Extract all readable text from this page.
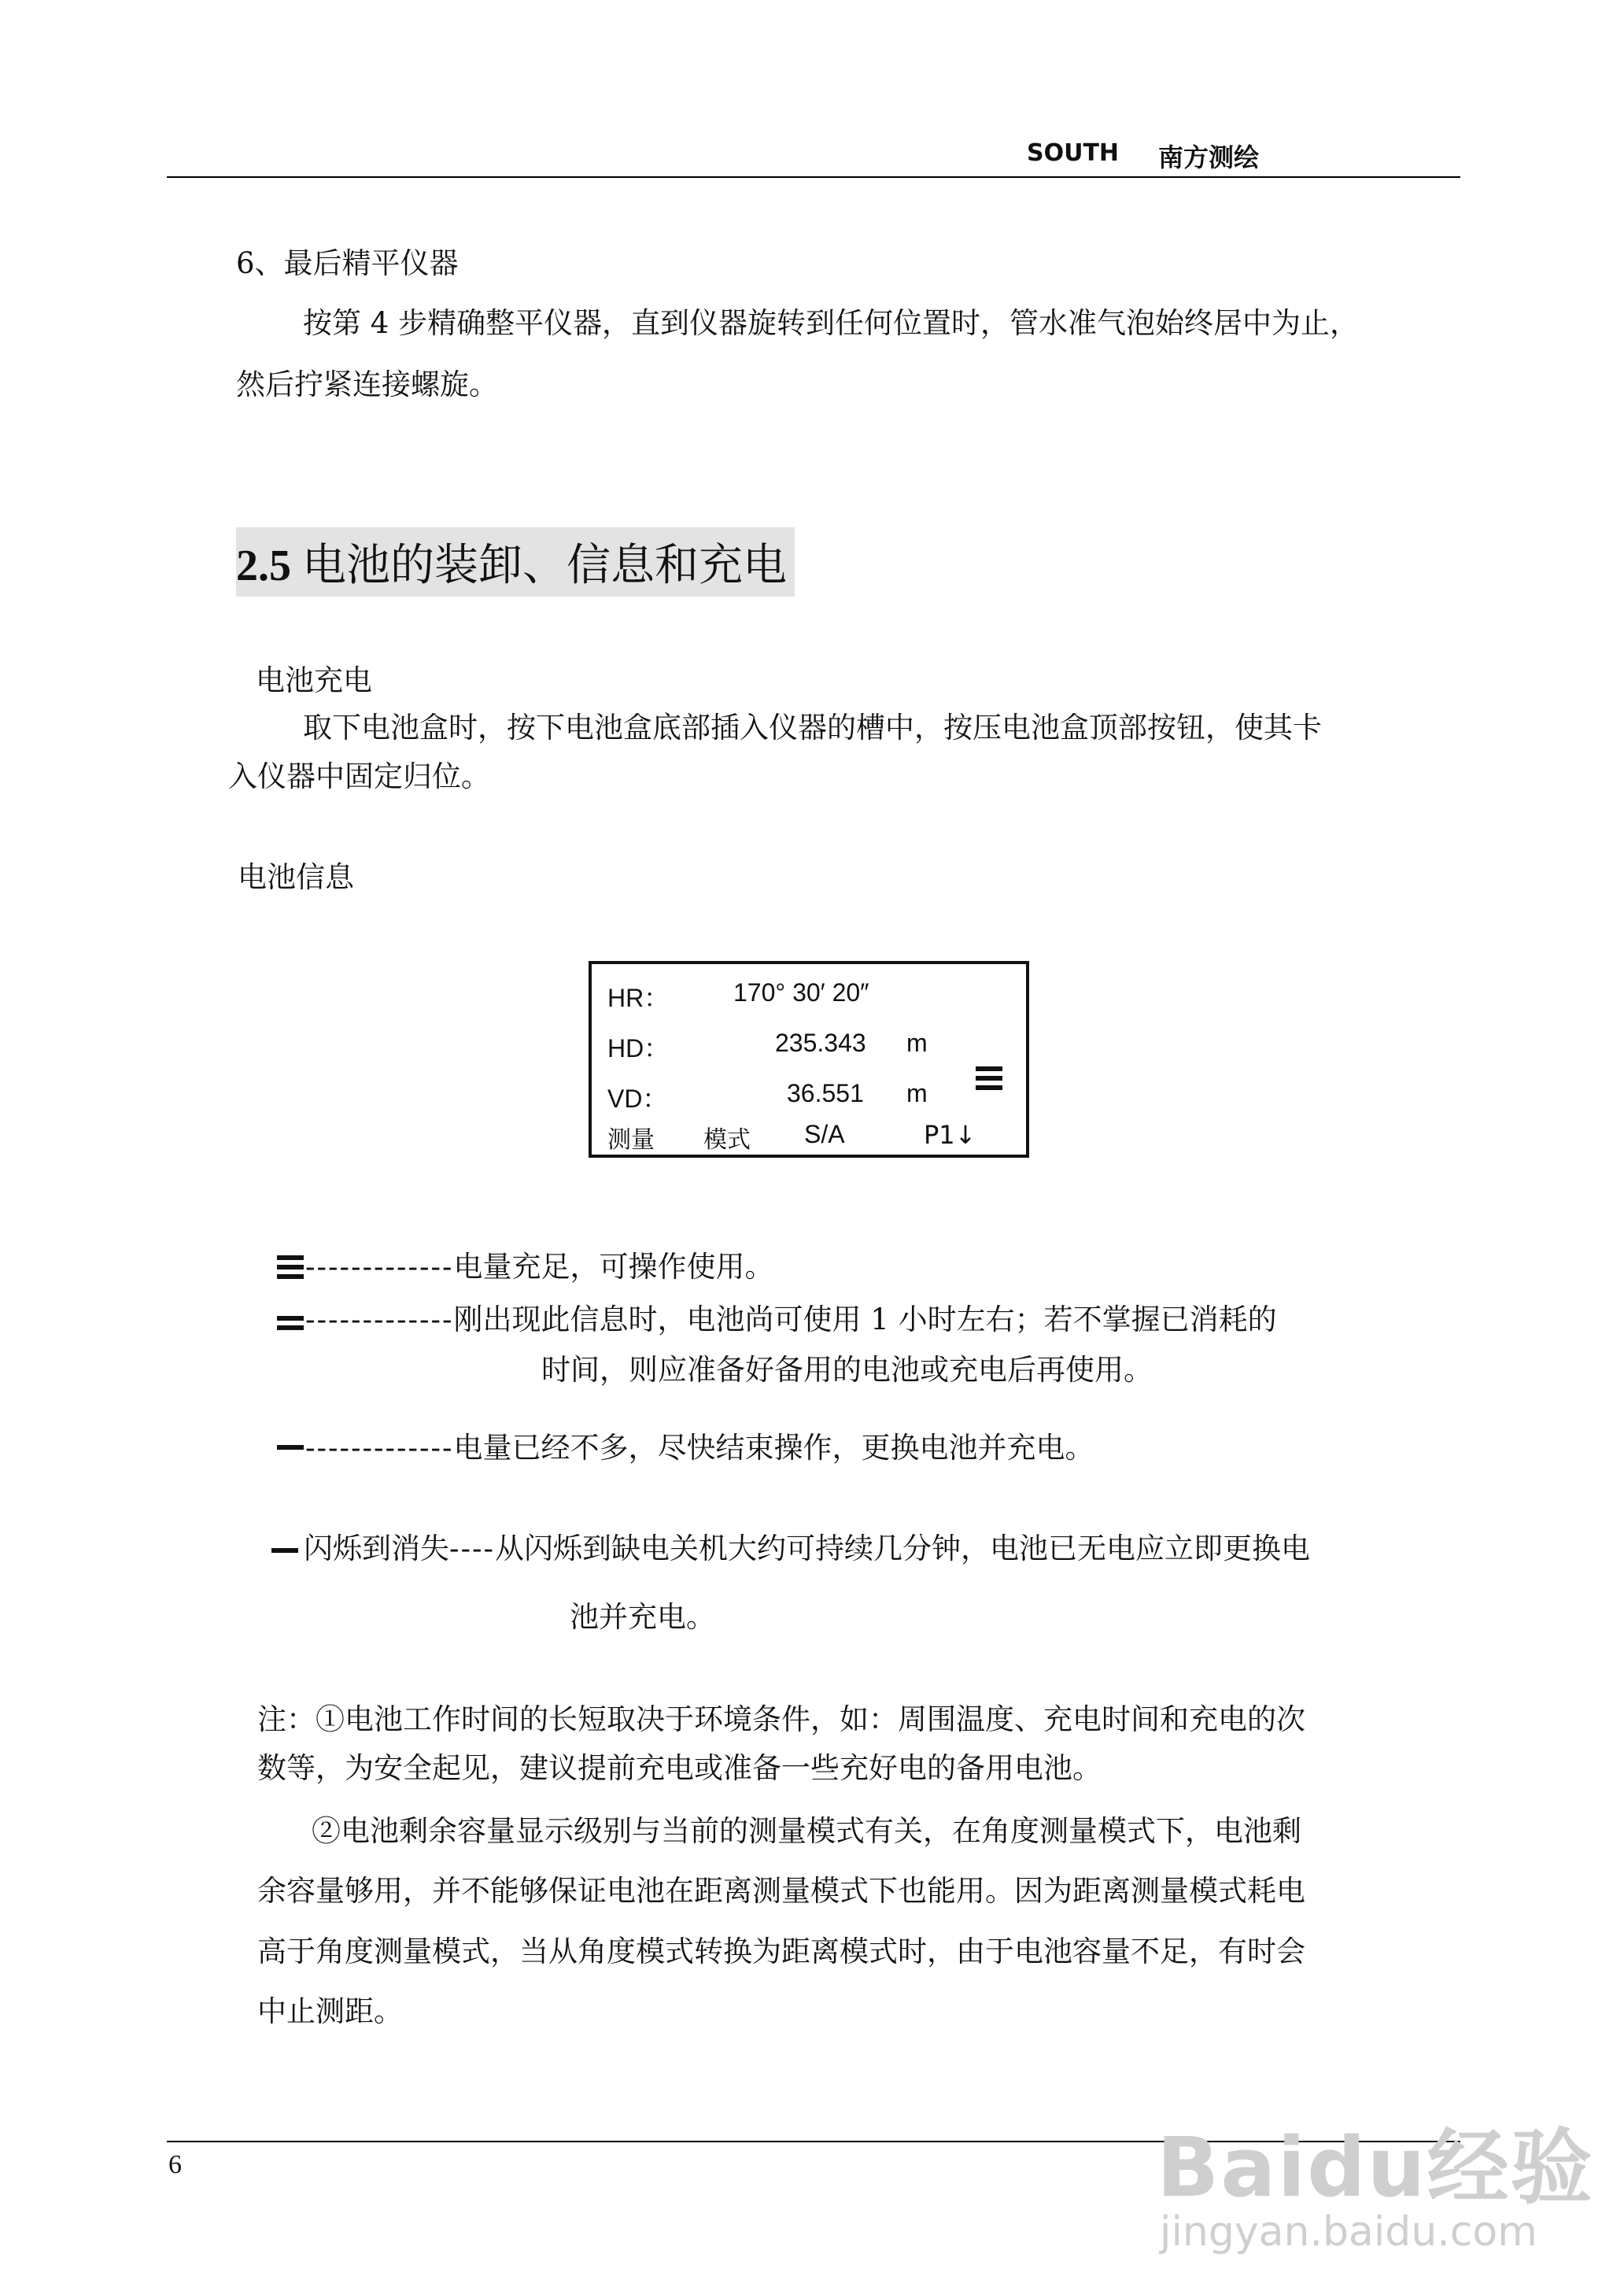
SOUTH 南方测绘
6、最后精平仪器
按第 4 步精确整平仪器，直到仪器旋转到任何位置时，管水准气泡始终居中为止，
然后拧紧连接螺旋。
2.5 电池的装卸、信息和充电
电池充电
取下电池盒时，按下电池盒底部插入仪器的槽中，按压电池盒顶部按钮，使其卡
入仪器中固定归位。
电池信息
HR：	170° 30′ 20″
HD：	235.343 m
VD：	36.551 m
测量 模式 S/A	P1↓
-------------电量充足，可操作使用。
-------------刚出现此信息时，电池尚可使用 1 小时左右；若不掌握已消耗的
时间，则应准备好备用的电池或充电后再使用。
-------------电量已经不多，尽快结束操作，更换电池并充电。
闪烁到消失----从闪烁到缺电关机大约可持续几分钟，电池已无电应立即更换电
池并充电。
注：①电池工作时间的长短取决于环境条件，如：周围温度、充电时间和充电的次
数等，为安全起见，建议提前充电或准备一些充好电的备用电池。
②电池剩余容量显示级别与当前的测量模式有关，在角度测量模式下，电池剩
余容量够用，并不能够保证电池在距离测量模式下也能用。因为距离测量模式耗电
高于角度测量模式，当从角度模式转换为距离模式时，由于电池容量不足，有时会
中止测距。
6	Baidu经验
jingyan.baidu.com
